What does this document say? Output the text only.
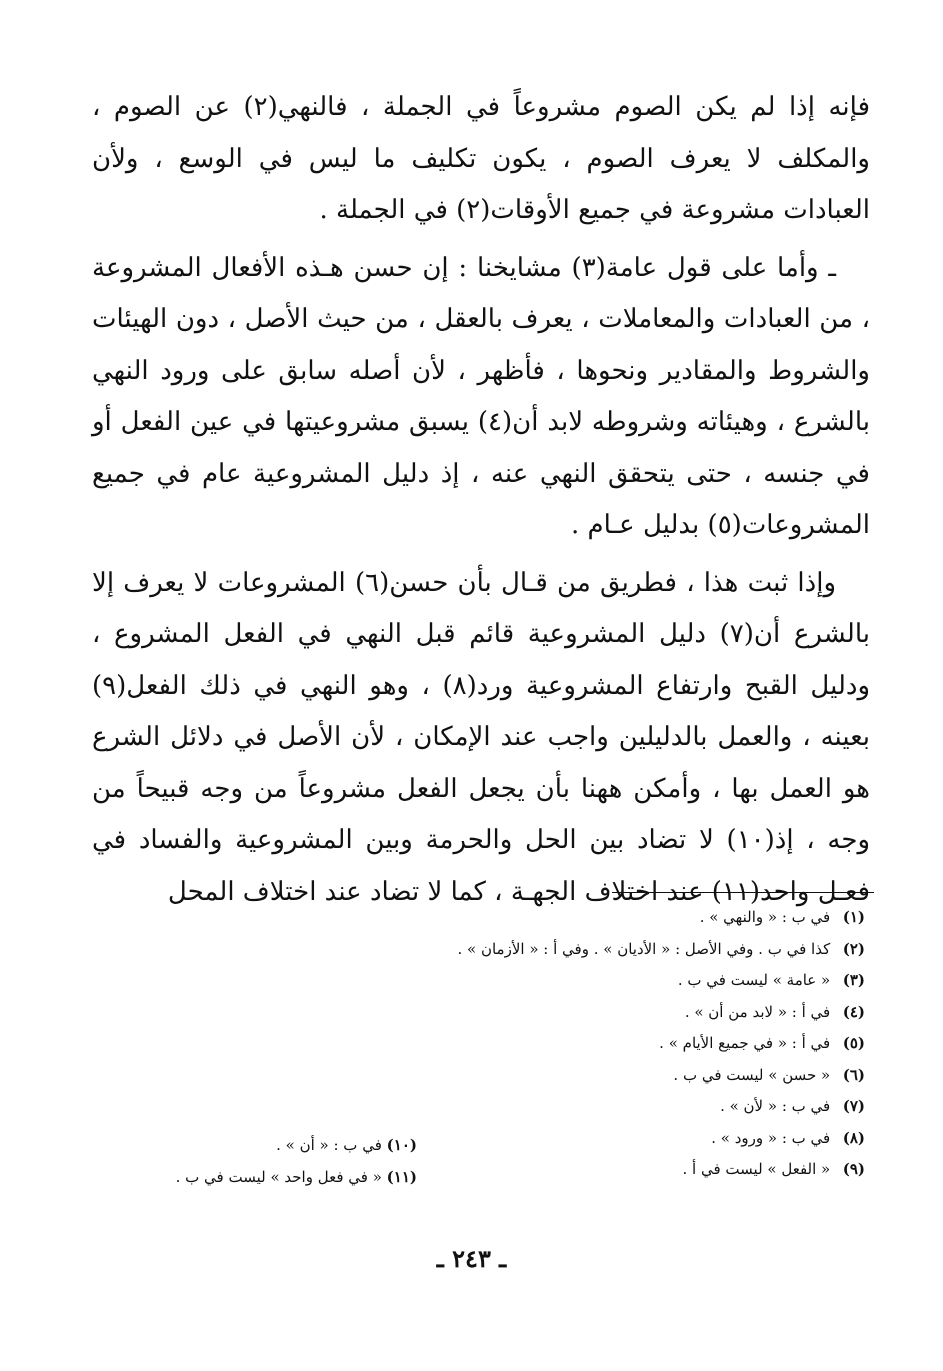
فإنه إذا لم يكن الصوم مشروعاً في الجملة ، فالنهي(٢) عن الصوم ، والمكلف لا يعرف الصوم ، يكون تكليف ما ليس في الوسع ، ولأن العبادات مشروعة في جميع الأوقات(٢) في الجملة .

ـ وأما على قول عامة(٣) مشايخنا : إن حسن هـذه الأفعال المشروعة ، من العبادات والمعاملات ، يعرف بالعقل ، من حيث الأصل ، دون الهيئات والشروط والمقادير ونحوها ، فأظهر ، لأن أصله سابق على ورود النهي بالشرع ، وهيئاته وشروطه لابد أن(٤) يسبق مشروعيتها في عين الفعل أو في جنسه ، حتى يتحقق النهي عنه ، إذ دليل المشروعية عام في جميع المشروعات(٥) بدليل عـام .

وإذا ثبت هذا ، فطريق من قـال بأن حسن(٦) المشروعات لا يعرف إلا بالشرع أن(٧) دليل المشروعية قائم قبل النهي في الفعل المشروع ، ودليل القبح وارتفاع المشروعية ورد(٨) ، وهو النهي في ذلك الفعل(٩) بعينه ، والعمل بالدليلين واجب عند الإمكان ، لأن الأصل في دلائل الشرع هو العمل بها ، وأمكن ههنا بأن يجعل الفعل مشروعاً من وجه قبيحاً من وجه ، إذ(١٠) لا تضاد بين الحل والحرمة وبين المشروعية والفساد في فعـل واحد(١١) عند اختلاف الجهـة ، كما لا تضاد عند اختلاف المحل

(١) في ب : « والنهي » .
(٢) كذا في ب . وفي الأصل : « الأديان » . وفي أ : « الأزمان » .
(٣) « عامة » ليست في ب .
(٤) في أ : « لابد من أن » .
(٥) في أ : « في جميع الأيام » .
(٦) « حسن » ليست في ب .
(٧) في ب : « لأن » .
(٨) في ب : « ورود » .
(٩) « الفعل » ليست في أ .
(١٠) في ب : « أن » .
(١١) « في فعل واحد » ليست في ب .
ـ ٢٤٣ ـ
